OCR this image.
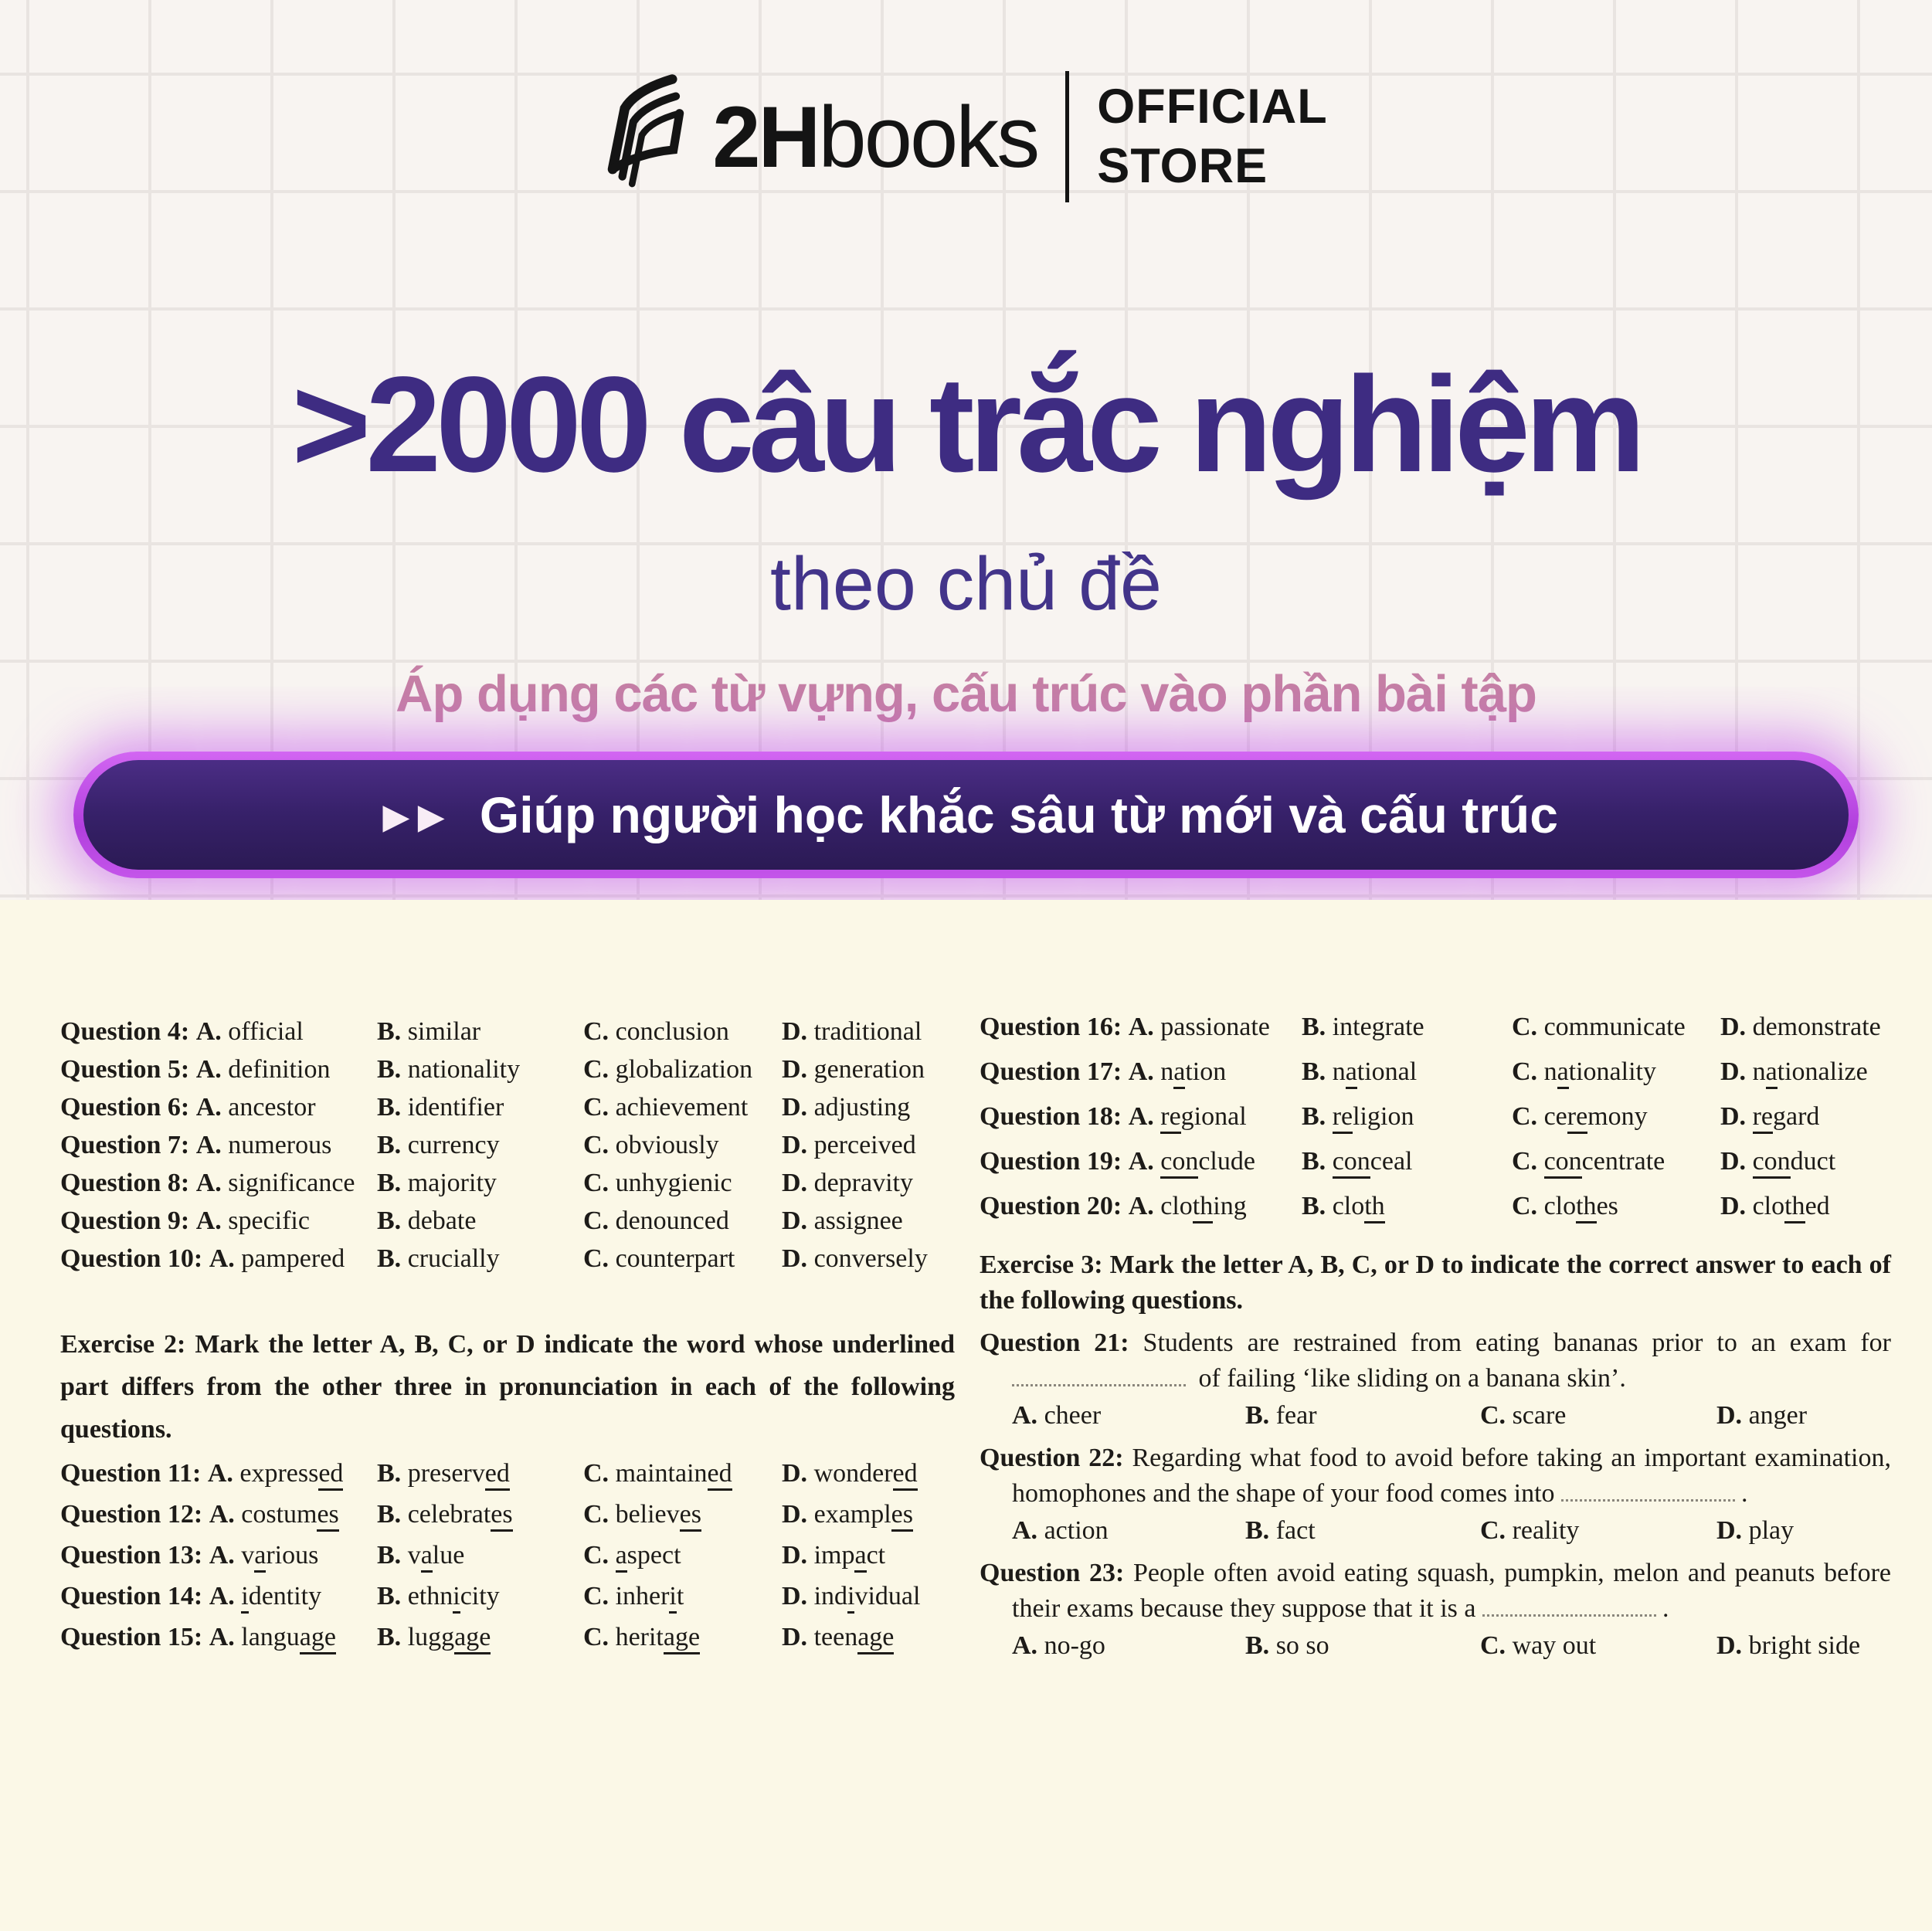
2Hbooks OFFICIAL
STORE
>2000 câu trắc nghiệm
theo chủ đề
Áp dụng các từ vựng, cấu trúc vào phần bài tập
►► Giúp người học khắc sâu từ mới và cấu trúc
Question 4: A. official	B. similar	C. conclusion	D. traditional
Question 5: A. definition	B. nationality	C. globalization	D. generation
Question 6: A. ancestor	B. identifier	C. achievement	D. adjusting
Question 7: A. numerous	B. currency	C. obviously	D. perceived
Question 8: A. significance B. majority	C. unhygienic	D. depravity
Question 9: A. specific	B. debate	C. denounced	D. assignee
Question 10: A. pampered	B. crucially	C. counterpart	D. conversely

Exercise 2: Mark the letter A, B, C, or D indicate the word whose underlined part differs from the other three in pronunciation in each of the following questions.

Question 11: A. expressed	B. preserved	C. maintained	D. wondered
Question 12: A. costumes	B. celebrates	C. believes	D. examples
Question 13: A. various	B. value	C. aspect	D. impact
Question 14: A. identity	B. ethnicity	C. inherit	D. individual
Question 15: A. language	B. luggage	C. heritage	D. teenage
Question 16: A. passionate	B. integrate	C. communicate	D. demonstrate
Question 17: A. nation	B. national	C. nationality	D. nationalize
Question 18: A. regional	B. religion	C. ceremony	D. regard
Question 19: A. conclude	B. conceal	C. concentrate	D. conduct
Question 20: A. clothing	B. cloth	C. clothes	D. clothed

Exercise 3: Mark the letter A, B, C, or D to indicate the correct answer to each of the following questions.

Question 21: Students are restrained from eating bananas prior to an exam for  of failing ‘like sliding on a banana skin’.

A. cheer	B. fear	C. scare	D. anger

Question 22: Regarding what food to avoid before taking an important examination, homophones and the shape of your food comes into	.

A. action	B. fact	C. reality	D. play

Question 23: People often avoid eating squash, pumpkin, melon and peanuts before their exams because they suppose that it is a	.

A. no-go	B. so so	C. way out	D. bright side
